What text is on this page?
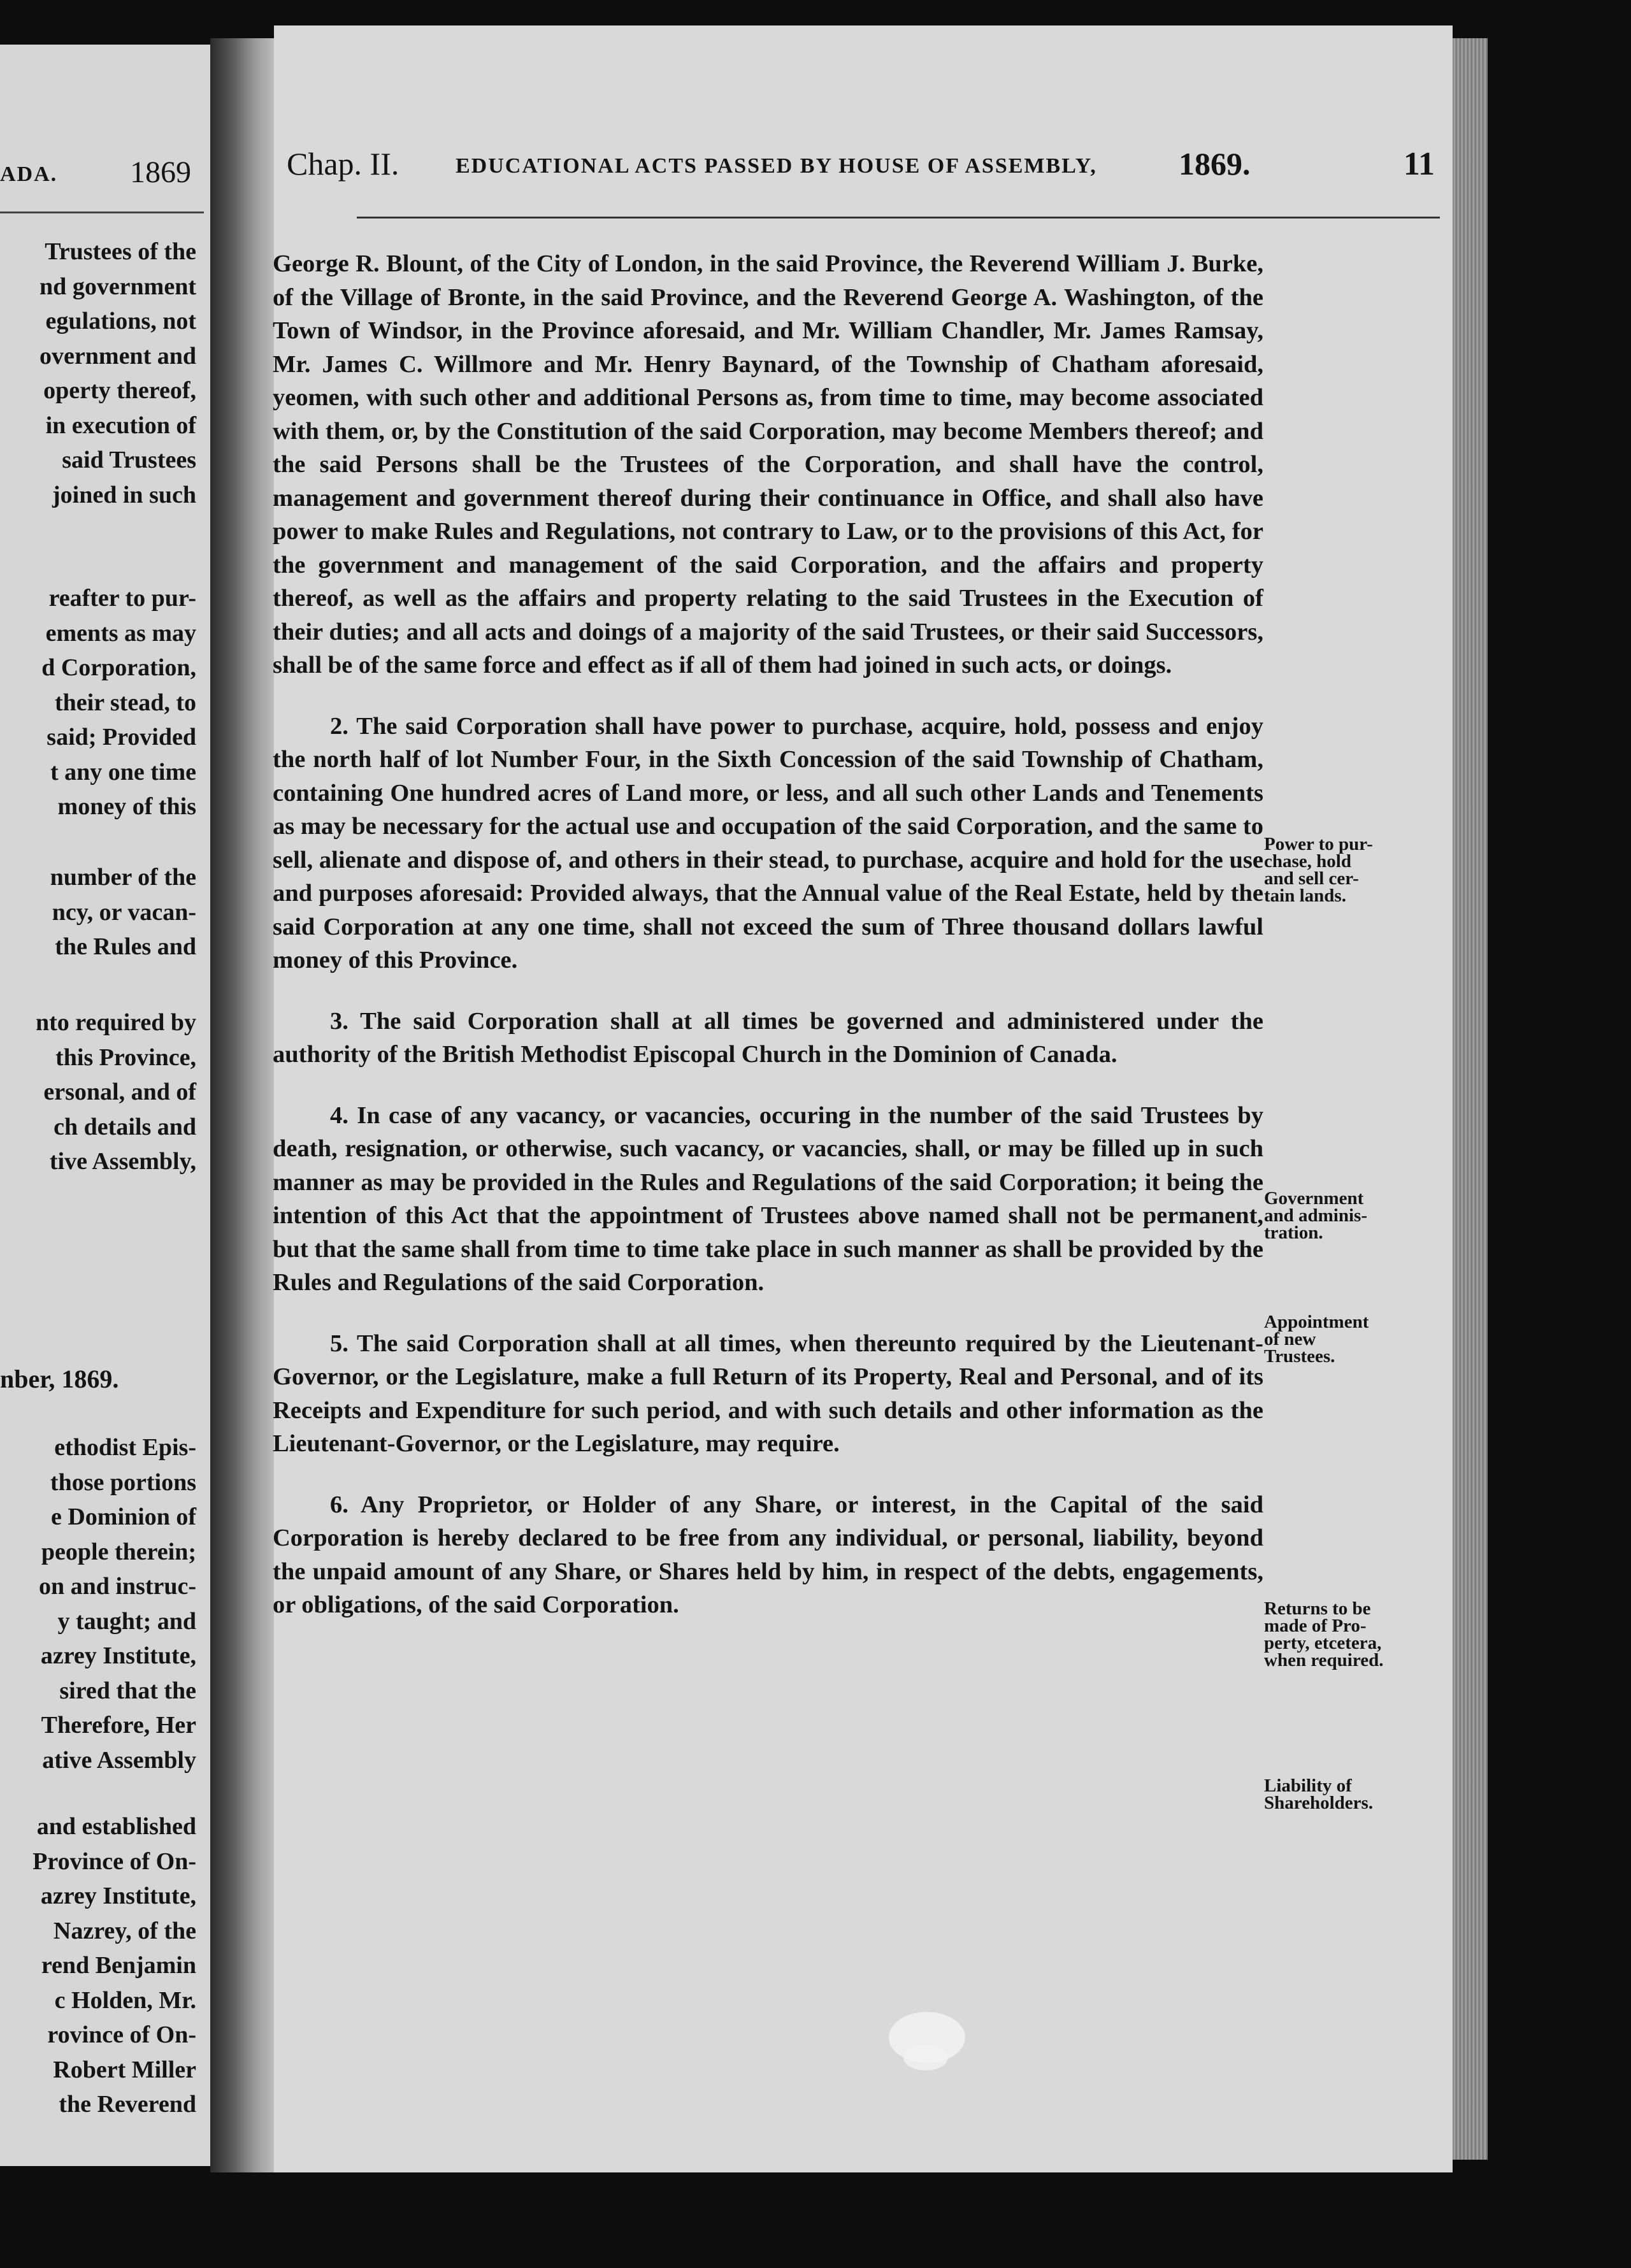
ADA. 1869

Trustees of the

nd government

egulations, not

overnment and

operty thereof,

in execution of

said Trustees

joined in such

reafter to pur-

ements as may

d Corporation,

their stead, to

said; Provided

t any one time

money of this

number of the

ncy, or vacan-

the Rules and

nto required by

this Province,

ersonal, and of

ch details and

tive Assembly,

nber, 1869.

ethodist Epis-

those portions

e Dominion of

people therein;

on and instruc-

y taught; and

azrey Institute,

sired that the

Therefore, Her

ative Assembly

and established

Province of On-

azrey Institute,

Nazrey, of the

rend Benjamin

c Holden, Mr.

rovince of On-

Robert Miller

the Reverend

Chap. II.	EDUCATIONAL ACTS PASSED BY HOUSE OF ASSEMBLY,	1869.	11

George R. Blount, of the City of London, in the said Province, the Reverend William J. Burke, of the Village of Bronte, in the said Province, and the Reverend George A. Washington, of the Town of Windsor, in the Province aforesaid, and Mr. William Chandler, Mr. James Ramsay, Mr. James C. Willmore and Mr. Henry Baynard, of the Township of Chatham aforesaid, yeomen, with such other and additional Persons as, from time to time, may become associated with them, or, by the Constitution of the said Corporation, may become Members thereof; and the said Persons shall be the Trustees of the Corporation, and shall have the control, management and government thereof during their continuance in Office, and shall also have power to make Rules and Regulations, not contrary to Law, or to the provisions of this Act, for the government and management of the said Corporation, and the affairs and property thereof, as well as the affairs and property relating to the said Trustees in the Execution of their duties; and all acts and doings of a majority of the said Trustees, or their said Successors, shall be of the same force and effect as if all of them had joined in such acts, or doings.

2. The said Corporation shall have power to purchase, acquire, hold, possess and enjoy the north half of lot Number Four, in the Sixth Concession of the said Township of Chatham, containing One hundred acres of Land more, or less, and all such other Lands and Tenements as may be necessary for the actual use and occupation of the said Corporation, and the same to sell, alienate and dispose of, and others in their stead, to purchase, acquire and hold for the use and purposes aforesaid: Provided always, that the Annual value of the Real Estate, held by the said Corporation at any one time, shall not exceed the sum of Three thousand dollars lawful money of this Province.

3. The said Corporation shall at all times be governed and administered under the authority of the British Methodist Episcopal Church in the Dominion of Canada.

4. In case of any vacancy, or vacancies, occuring in the number of the said Trustees by death, resignation, or otherwise, such vacancy, or vacancies, shall, or may be filled up in such manner as may be provided in the Rules and Regulations of the said Corporation; it being the intention of this Act that the appointment of Trustees above named shall not be permanent, but that the same shall from time to time take place in such manner as shall be provided by the Rules and Regulations of the said Corporation.

5. The said Corporation shall at all times, when thereunto required by the Lieutenant-Governor, or the Legislature, make a full Return of its Property, Real and Personal, and of its Receipts and Expenditure for such period, and with such details and other information as the Lieutenant-Governor, or the Legislature, may require.

6. Any Proprietor, or Holder of any Share, or interest, in the Capital of the said Corporation is hereby declared to be free from any individual, or personal, liability, beyond the unpaid amount of any Share, or Shares held by him, in respect of the debts, engagements, or obligations, of the said Corporation.

Power to pur-
chase, hold
and sell cer-
tain lands.
Government
and adminis-
tration.
Appointment
of new
Trustees.
Returns to be
made of Pro-
perty, etcetera,
when required.
Liability of
Shareholders.
